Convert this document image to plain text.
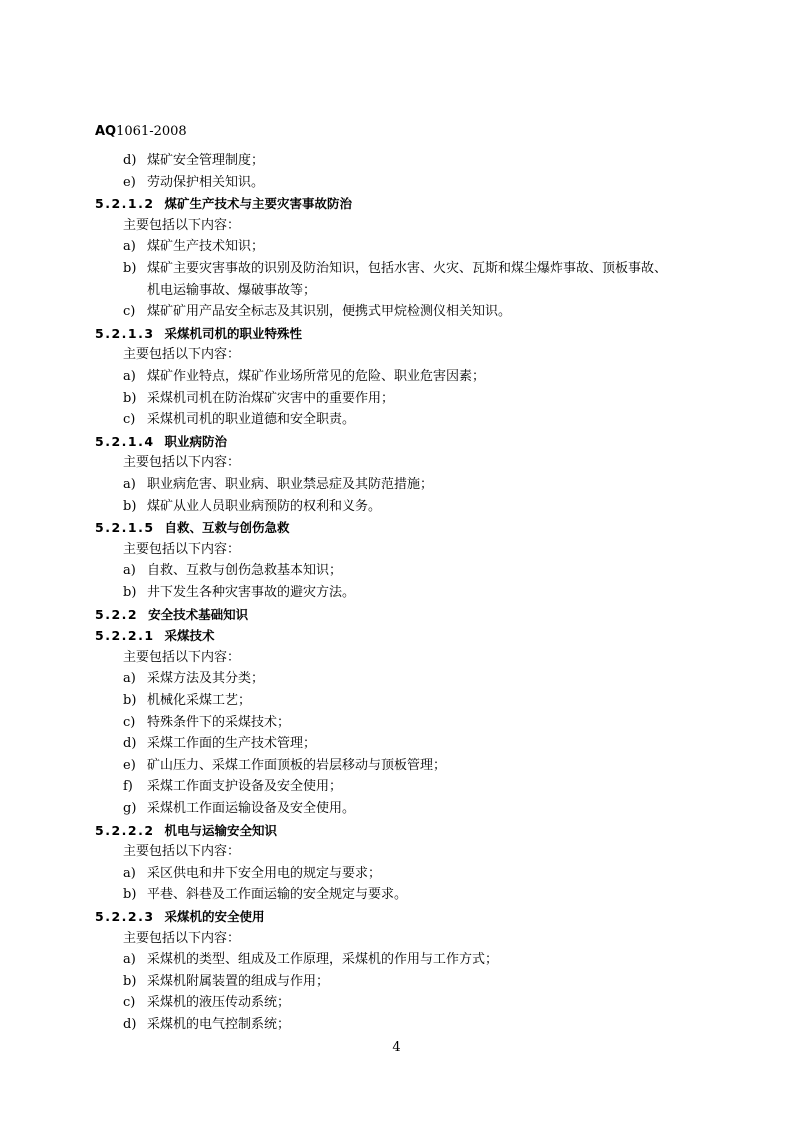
AQ1061-2008
d) 煤矿安全管理制度；
e) 劳动保护相关知识。
5.2.1.2 煤矿生产技术与主要灾害事故防治
主要包括以下内容：
a) 煤矿生产技术知识；
b) 煤矿主要灾害事故的识别及防治知识，包括水害、火灾、瓦斯和煤尘爆炸事故、顶板事故、
机电运输事故、爆破事故等；
c) 煤矿矿用产品安全标志及其识别，便携式甲烷检测仪相关知识。
5.2.1.3 采煤机司机的职业特殊性
主要包括以下内容：
a) 煤矿作业特点，煤矿作业场所常见的危险、职业危害因素；
b) 采煤机司机在防治煤矿灾害中的重要作用；
c) 采煤机司机的职业道德和安全职责。
5.2.1.4 职业病防治
主要包括以下内容：
a) 职业病危害、职业病、职业禁忌症及其防范措施；
b) 煤矿从业人员职业病预防的权利和义务。
5.2.1.5 自救、互救与创伤急救
主要包括以下内容：
a) 自救、互救与创伤急救基本知识；
b) 井下发生各种灾害事故的避灾方法。
5.2.2 安全技术基础知识
5.2.2.1 采煤技术
主要包括以下内容：
a) 采煤方法及其分类；
b) 机械化采煤工艺；
c) 特殊条件下的采煤技术；
d) 采煤工作面的生产技术管理；
e) 矿山压力、采煤工作面顶板的岩层移动与顶板管理；
f) 采煤工作面支护设备及安全使用；
g) 采煤机工作面运输设备及安全使用。
5.2.2.2 机电与运输安全知识
主要包括以下内容：
a) 采区供电和井下安全用电的规定与要求；
b) 平巷、斜巷及工作面运输的安全规定与要求。
5.2.2.3 采煤机的安全使用
主要包括以下内容：
a) 采煤机的类型、组成及工作原理，采煤机的作用与工作方式；
b) 采煤机附属装置的组成与作用；
c) 采煤机的液压传动系统；
d) 采煤机的电气控制系统；
4
